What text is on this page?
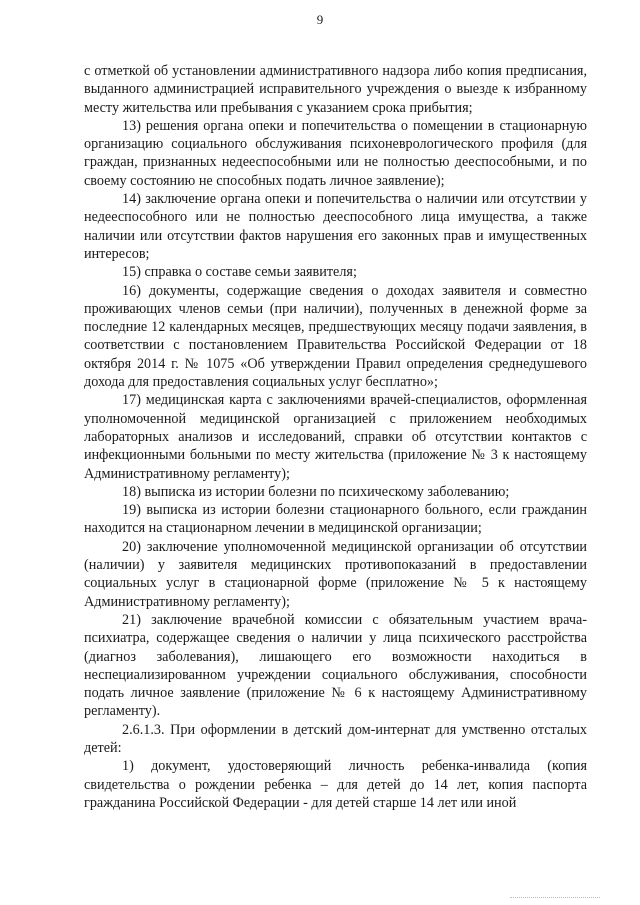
9

с отметкой об установлении административного надзора либо копия предписания, выданного администрацией исправительного учреждения о выезде к избранному месту жительства или пребывания с указанием срока прибытия;

13) решения органа опеки и попечительства о помещении в стационарную организацию социального обслуживания психоневрологического профиля (для граждан, признанных недееспособными или не полностью дееспособными, и по своему состоянию не способных подать личное заявление);

14) заключение органа опеки и попечительства о наличии или отсутствии у недееспособного или не полностью дееспособного лица имущества, а также наличии или отсутствии фактов нарушения его законных прав и имущественных интересов;

15) справка о составе семьи заявителя;

16) документы, содержащие сведения о доходах заявителя и совместно проживающих членов семьи (при наличии), полученных в денежной форме за последние 12 календарных месяцев, предшествующих месяцу подачи заявления, в соответствии с постановлением Правительства Российской Федерации от 18 октября 2014 г. № 1075 «Об утверждении Правил определения среднедушевого дохода для предоставления социальных услуг бесплатно»;

17) медицинская карта с заключениями врачей-специалистов, оформленная уполномоченной медицинской организацией с приложением необходимых лабораторных анализов и исследований, справки об отсутствии контактов с инфекционными больными по месту жительства (приложение № 3 к настоящему Административному регламенту);

18) выписка из истории болезни по психическому заболеванию;

19) выписка из истории болезни стационарного больного, если гражданин находится на стационарном лечении в медицинской организации;

20) заключение уполномоченной медицинской организации об отсутствии (наличии) у заявителя медицинских противопоказаний в предоставлении социальных услуг в стационарной форме (приложение № 5 к настоящему Административному регламенту);

21) заключение врачебной комиссии с обязательным участием врача-психиатра, содержащее сведения о наличии у лица психического расстройства (диагноз заболевания), лишающего его возможности находиться в неспециализированном учреждении социального обслуживания, способности подать личное заявление (приложение № 6 к настоящему Административному регламенту).

2.6.1.3. При оформлении в детский дом-интернат для умственно отсталых детей:

1) документ, удостоверяющий личность ребенка-инвалида (копия свидетельства о рождении ребенка – для детей до 14 лет, копия паспорта гражданина Российской Федерации - для детей старше 14 лет или иной
